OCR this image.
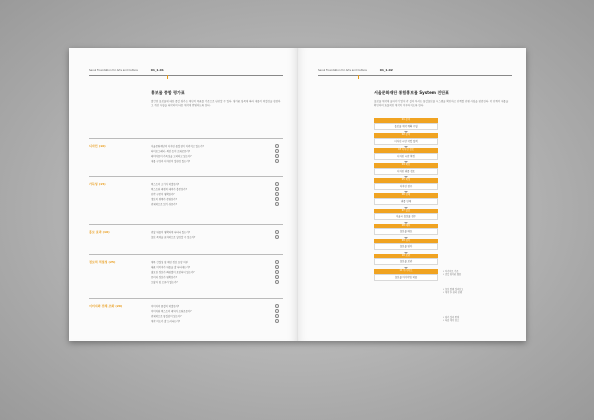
Seoul Foundation for Arts and Culture	01_1.01
홍보물 종합 평가표
발간된 홍보물에 대한 종합 평가는 재단의 목표를 기준으로 판단할 수 있다. 평가표 항목에 따라 내용의 적절성을 점검하고 개선 사항을 파악하여 다음 제작에 반영하도록 한다.
디자인 (10)	서울문화재단의 디자인 통일성이 지켜지고 있는가?
타이포그래피, 색상 등이 조화로운가?
레이아웃이 가독성을 고려하고 있는가?
내용 구성과 디자인이 일관성 있는가?
가독성 (15)	텍스트의 크기가 적절한가?
텍스트와 배경의 대비가 충분한가?
단락 구분이 명확한가?
정보의 위계가 분명한가?
전체적으로 읽기 쉬운가?
홍보 효과 (10)	전달 내용이 명확하게 나타나 있는가?
홍보 목적을 효과적으로 달성할 수 있는가?
정보의 적절성 (25)	제목 간결성 및 메인 정보 포함 여부
대표 이미지가 내용을 잘 나타내는가?
필요한 정보가 빠짐없이 포함되어 있는가?
문의처 정보가 명확한가?
오탈자 및 오류가 없는가?
이미지와 전체 조화 (20)	이미지의 품질이 적절한가?
이미지와 텍스트의 배치가 조화로운가?
전체적으로 통일감이 있는가?
제작 의도가 잘 드러나는가?
Seoul Foundation for Arts and Culture	01_1.02
서울문화재단 통합홍보물 System 진단표
홍보물 제작에 들어가기 앞서 각 실과 부서는 통합홍보물 시스템을 확인하고 단계별 진행 사항을 점검한다. 각 단계의 내용을 확인하여 효율적인 제작이 이루어지도록 한다.
01 준비
홍보물 제작 계획 수립
02 준비
디자인 시안 작업 협력
03 디자인 검토
디자인 시안 확정
04 확인
디자인 최종 검토
05 확정
디자인 검수
06 인쇄
최종 인쇄
07 발송
서울시 홍보물 검수
08 배부
홍보물 배포
09 평가
홍보물 평가
10 보관
홍보물 보관
11 아카이브
홍보물 아카이빙 적용
• 아카이브 기준
• 종합 평가표 활용
• 홍보 발행 결과보고
• 제작 후 관리 진행
• 평가 결과 반영
• 다음 제작 참고
